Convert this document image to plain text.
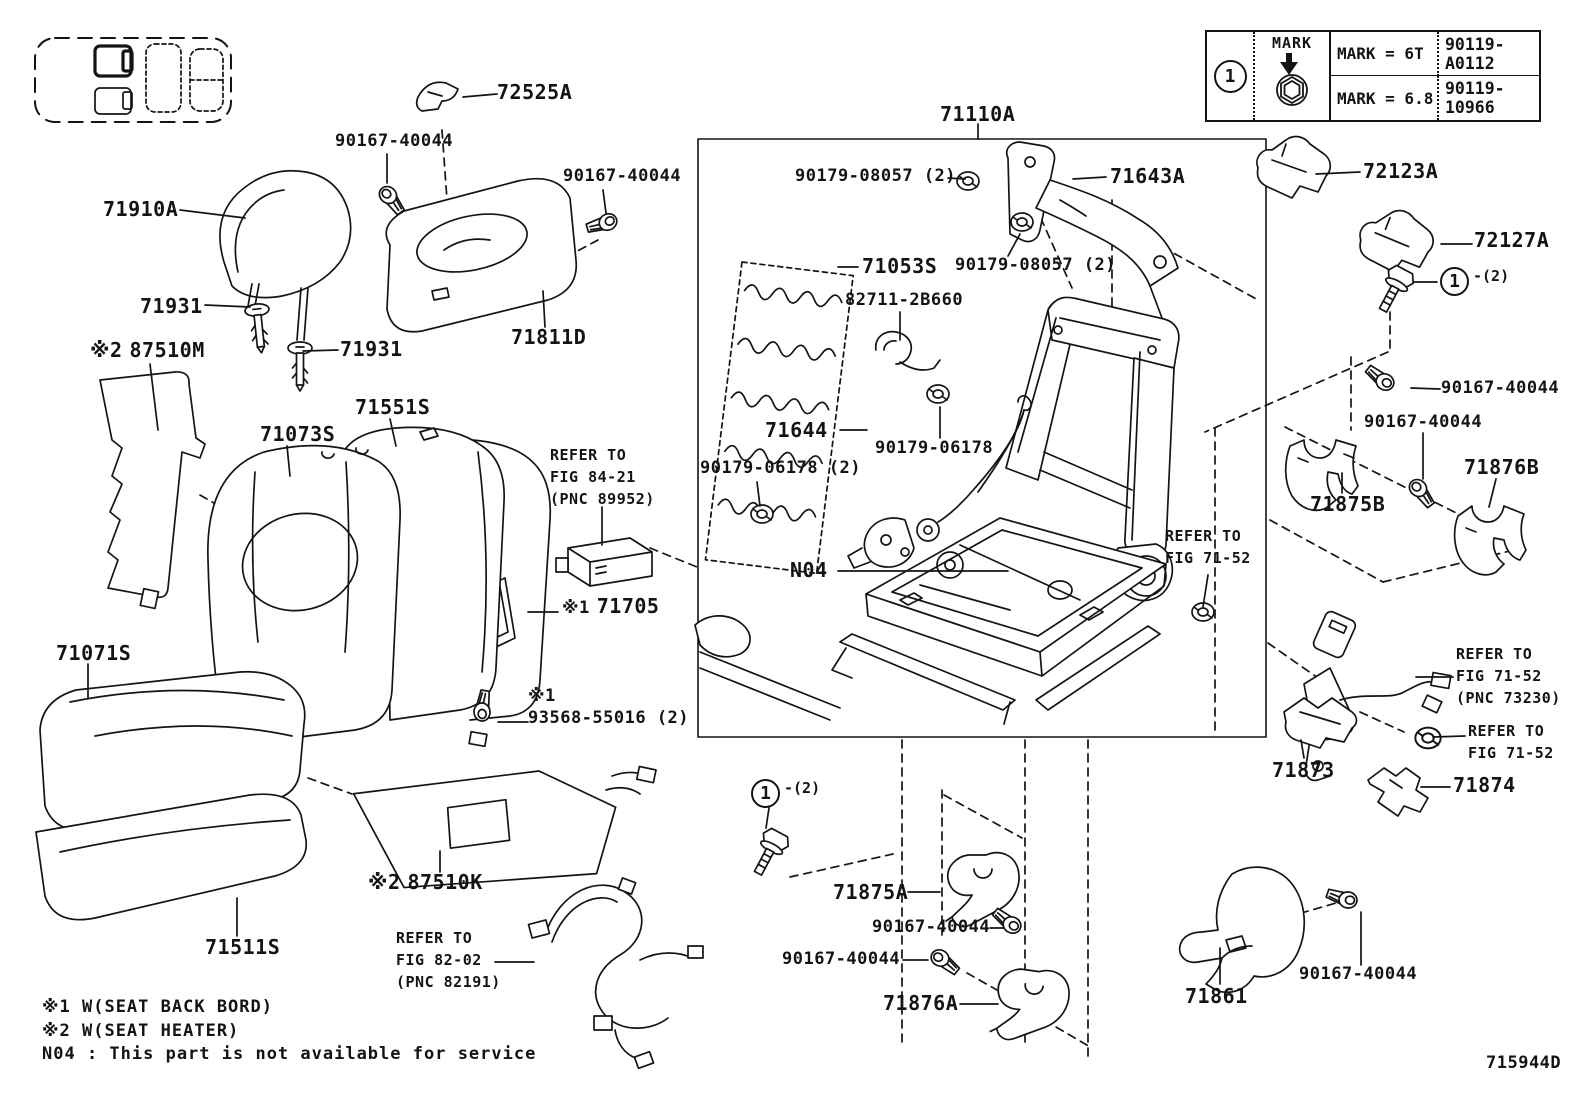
90167-40044
72525A
90167-40044
71910A
71931
71931
※2 87510M
71551S
71073S
71811D
REFER TO
FIG 84-21
(PNC 89952)
※1 71705
71071S
※1
93568-55016 (2)
71511S
※2 87510K
REFER TO
FIG 82-02
(PNC 82191)
71110A
90179-08057 (2)	71643A
71053S 90179-08057 (2)
82711-2B660
71644
90179-06178
90179-06178 (2)
N04
REFER TO
FIG 71-52
72123A
72127A
1 -(2)
90167-40044
90167-40044
71875B
71876B
REFER TO
FIG 71-52
(PNC 73230)
REFER TO
FIG 71-52
71873
71874
1 -(2)
71875A
90167-40044
90167-40044
71876A	71861
90167-40044
※1 W(SEAT BACK BORD)
※2 W(SEAT HEATER)
N04 : This part is not available for service	715944D
1
MARK
MARK = 6T	90119-A0112
MARK = 6.8 90119-10966
